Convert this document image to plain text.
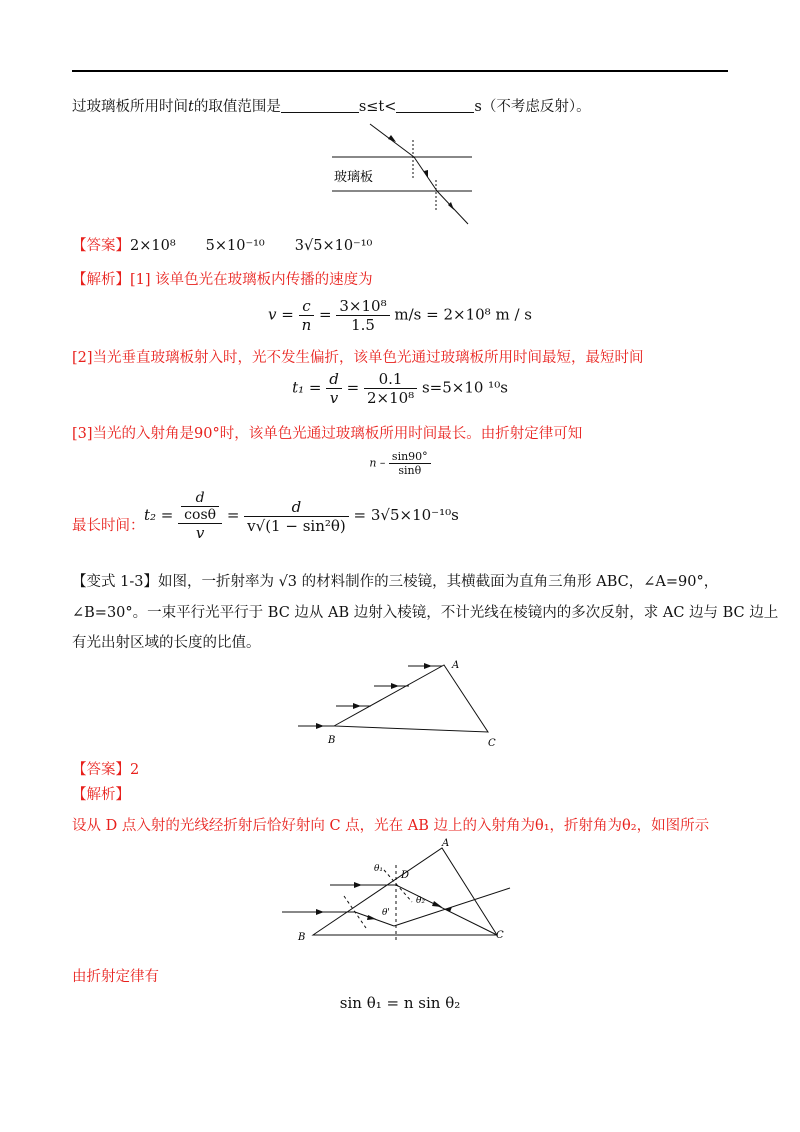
过玻璃板所用时间t的取值范围是	s≤t<	s（不考虑反射）。
玻璃板
【答案】2×10⁸ 5×10⁻¹⁰ 3√5×10⁻¹⁰
【解析】[1] 该单色光在玻璃板内传播的速度为
$v = \frac{c}{n} = \frac{\text{3×10⁸}}{1.5} m/s = 2\times 10^8$ m / s
[2]当光垂直玻璃板射入时，光不发生偏折，该单色光通过玻璃板所用时间最短，最短时间
$t_1 = \frac{d}{v} = \frac{0.1}{\text{2×10⁸}} s=5\times 10$ ¹⁰s
[3]当光的入射角是90°时，该单色光通过玻璃板所用时间最长。由折射定律可知
n – $\frac{\sin 90^\circ}{\sin\theta}$
最长时间：
$t_2 = \frac{\frac{d}{\cos\theta}}{v} = \frac{d}{\text{v√(1 − sin²θ)}} = 3√5\times 10^{-10}s$
【变式 1-3】如图，一折射率为 √3 的材料制作的三棱镜，其横截面为直角三角形 ABC，∠A=90°，
∠B=30°。一束平行光平行于 BC 边从 AB 边射入棱镜，不计光线在棱镜内的多次反射，求 AC 边与 BC 边上
有光出射区域的长度的比值。
A
B	C
【答案】2
【解析】
设从 D 点入射的光线经折射后恰好射向 C 点，光在 AB 边上的入射角为θ₁，折射角为θ₂，如图所示
A
B	C
D
θ₁
θ₂
θ'
由折射定律有
sin θ₁ = n sin θ₂
